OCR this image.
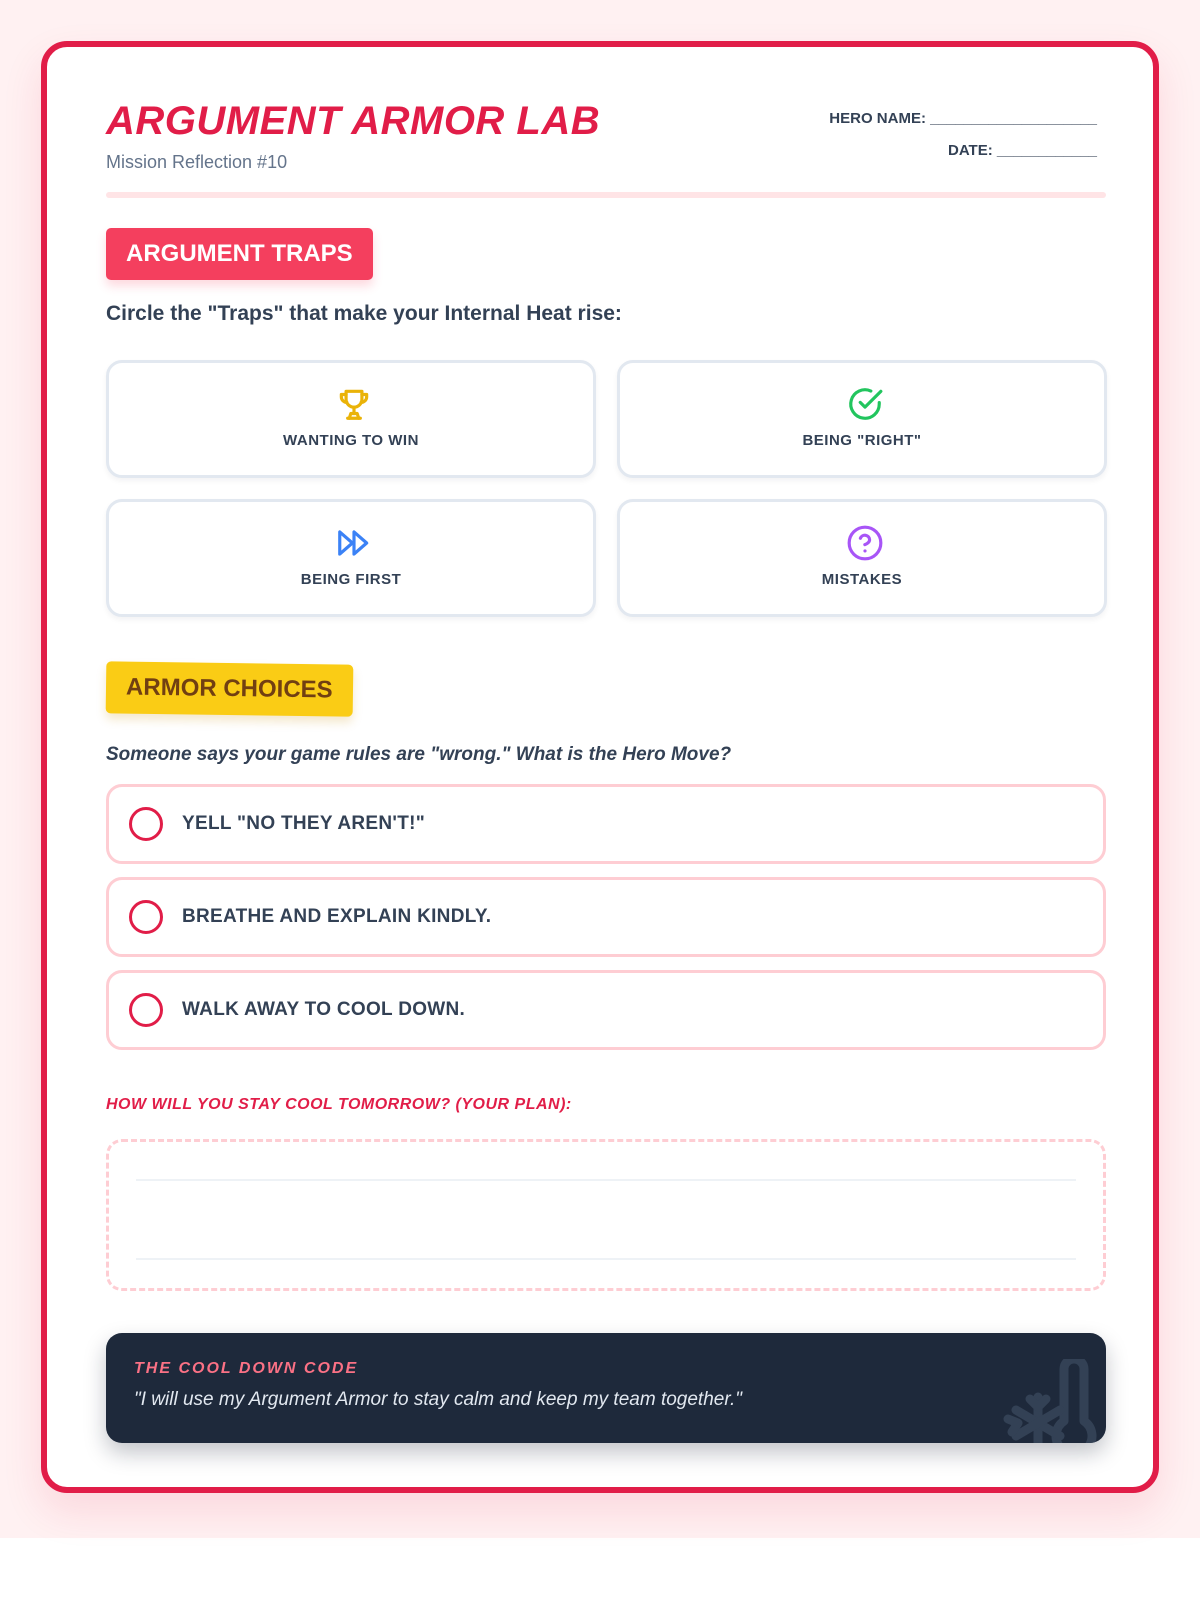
ARGUMENT ARMOR LAB
Mission Reflection #10
HERO NAME: ____________________
DATE: ____________
ARGUMENT TRAPS
Circle the "Traps" that make your Internal Heat rise:
WANTING TO WIN	BEING "RIGHT"
BEING FIRST	MISTAKES
ARMOR CHOICES
Someone says your game rules are "wrong." What is the Hero Move?
YELL "NO THEY AREN'T!"
BREATHE AND EXPLAIN KINDLY.
WALK AWAY TO COOL DOWN.
HOW WILL YOU STAY COOL TOMORROW? (YOUR PLAN):
THE COOL DOWN CODE
"I will use my Argument Armor to stay calm and keep my team together."
